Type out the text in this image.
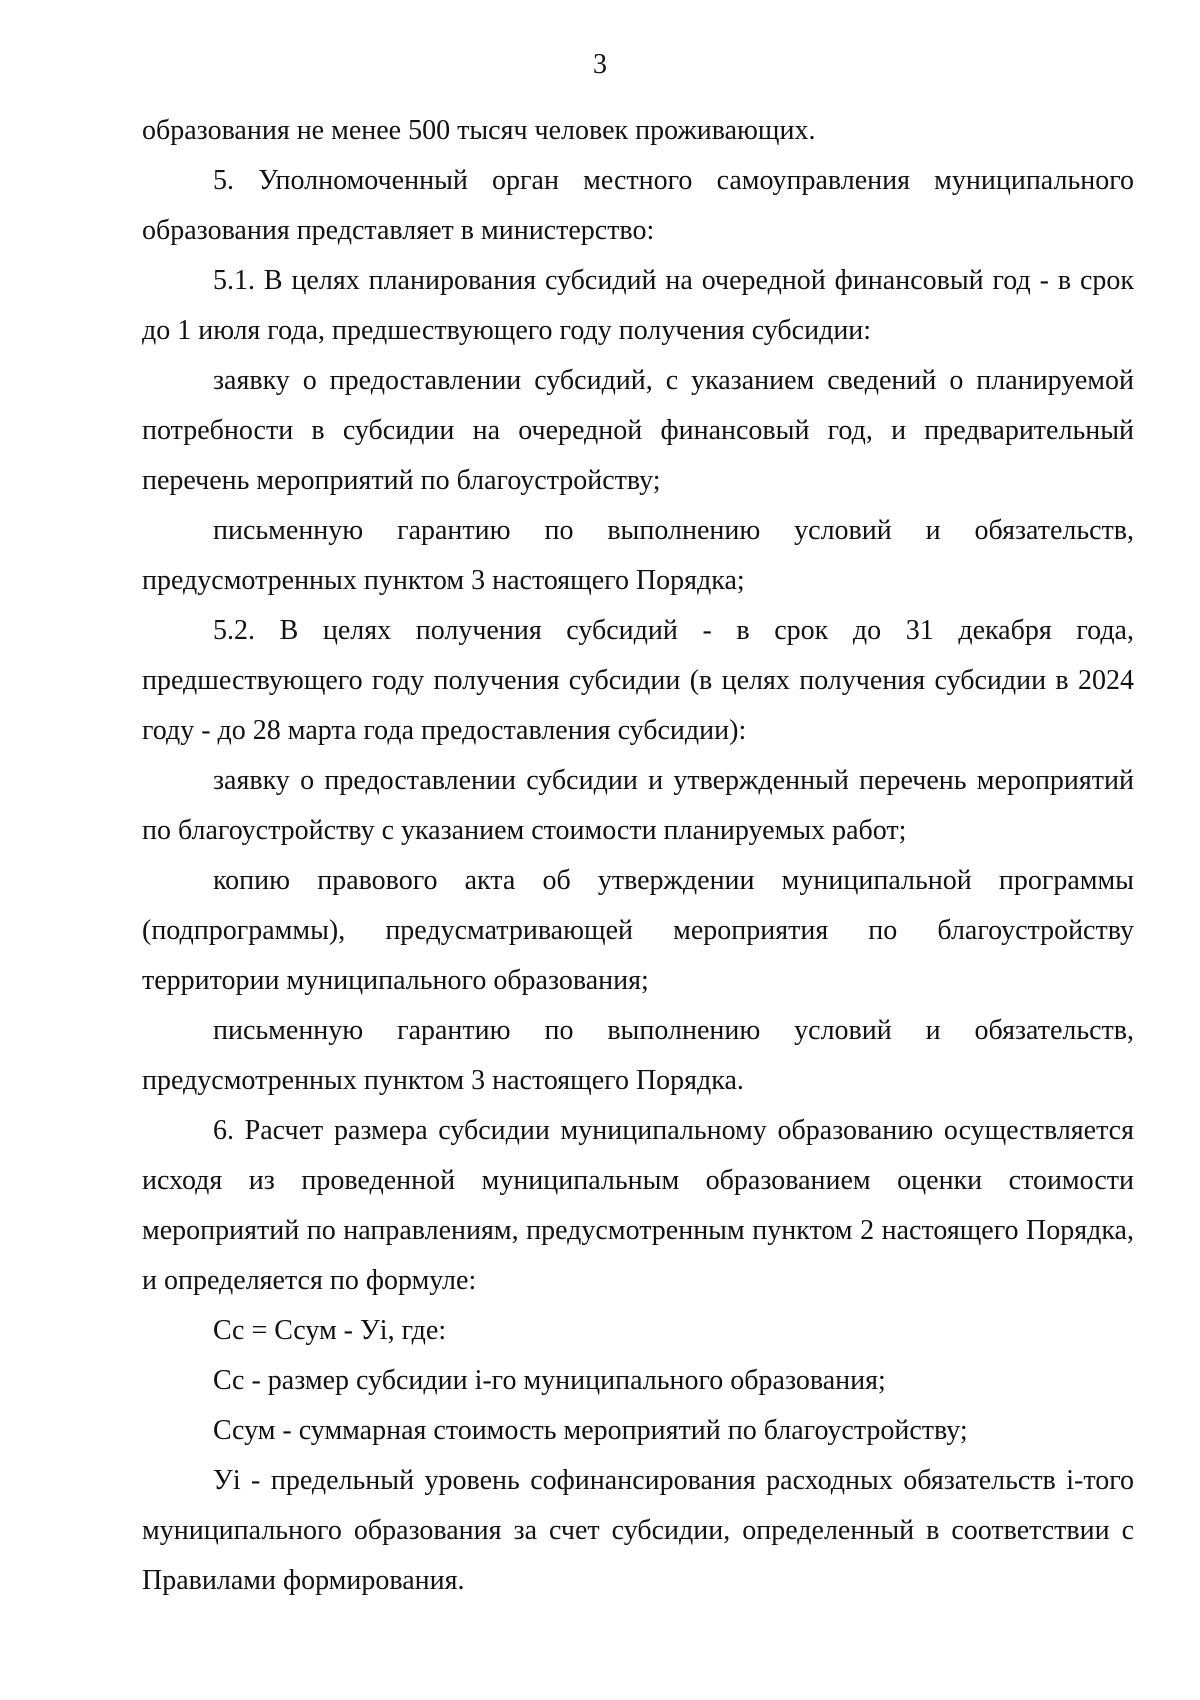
3

образования не менее 500 тысяч человек проживающих.

5. Уполномоченный орган местного самоуправления муниципального образования представляет в министерство:

5.1. В целях планирования субсидий на очередной финансовый год - в срок до 1 июля года, предшествующего году получения субсидии:

заявку о предоставлении субсидий, с указанием сведений о планируемой потребности в субсидии на очередной финансовый год, и предварительный перечень мероприятий по благоустройству;

письменную гарантию по выполнению условий и обязательств, предусмотренных пунктом 3 настоящего Порядка;

5.2. В целях получения субсидий - в срок до 31 декабря года, предшествующего году получения субсидии (в целях получения субсидии в 2024 году - до 28 марта года предоставления субсидии):

заявку о предоставлении субсидии и утвержденный перечень мероприятий по благоустройству с указанием стоимости планируемых работ;

копию правового акта об утверждении муниципальной программы (подпрограммы), предусматривающей мероприятия по благоустройству территории муниципального образования;

письменную гарантию по выполнению условий и обязательств, предусмотренных пунктом 3 настоящего Порядка.

6. Расчет размера субсидии муниципальному образованию осуществляется исходя из проведенной муниципальным образованием оценки стоимости мероприятий по направлениям, предусмотренным пунктом 2 настоящего Порядка, и определяется по формуле:

Сс = Ссум - Уi, где:

Сс - размер субсидии i-го муниципального образования;

Ссум - суммарная стоимость мероприятий по благоустройству;

Уi - предельный уровень софинансирования расходных обязательств i-того муниципального образования за счет субсидии, определенный в соответствии с Правилами формирования.
